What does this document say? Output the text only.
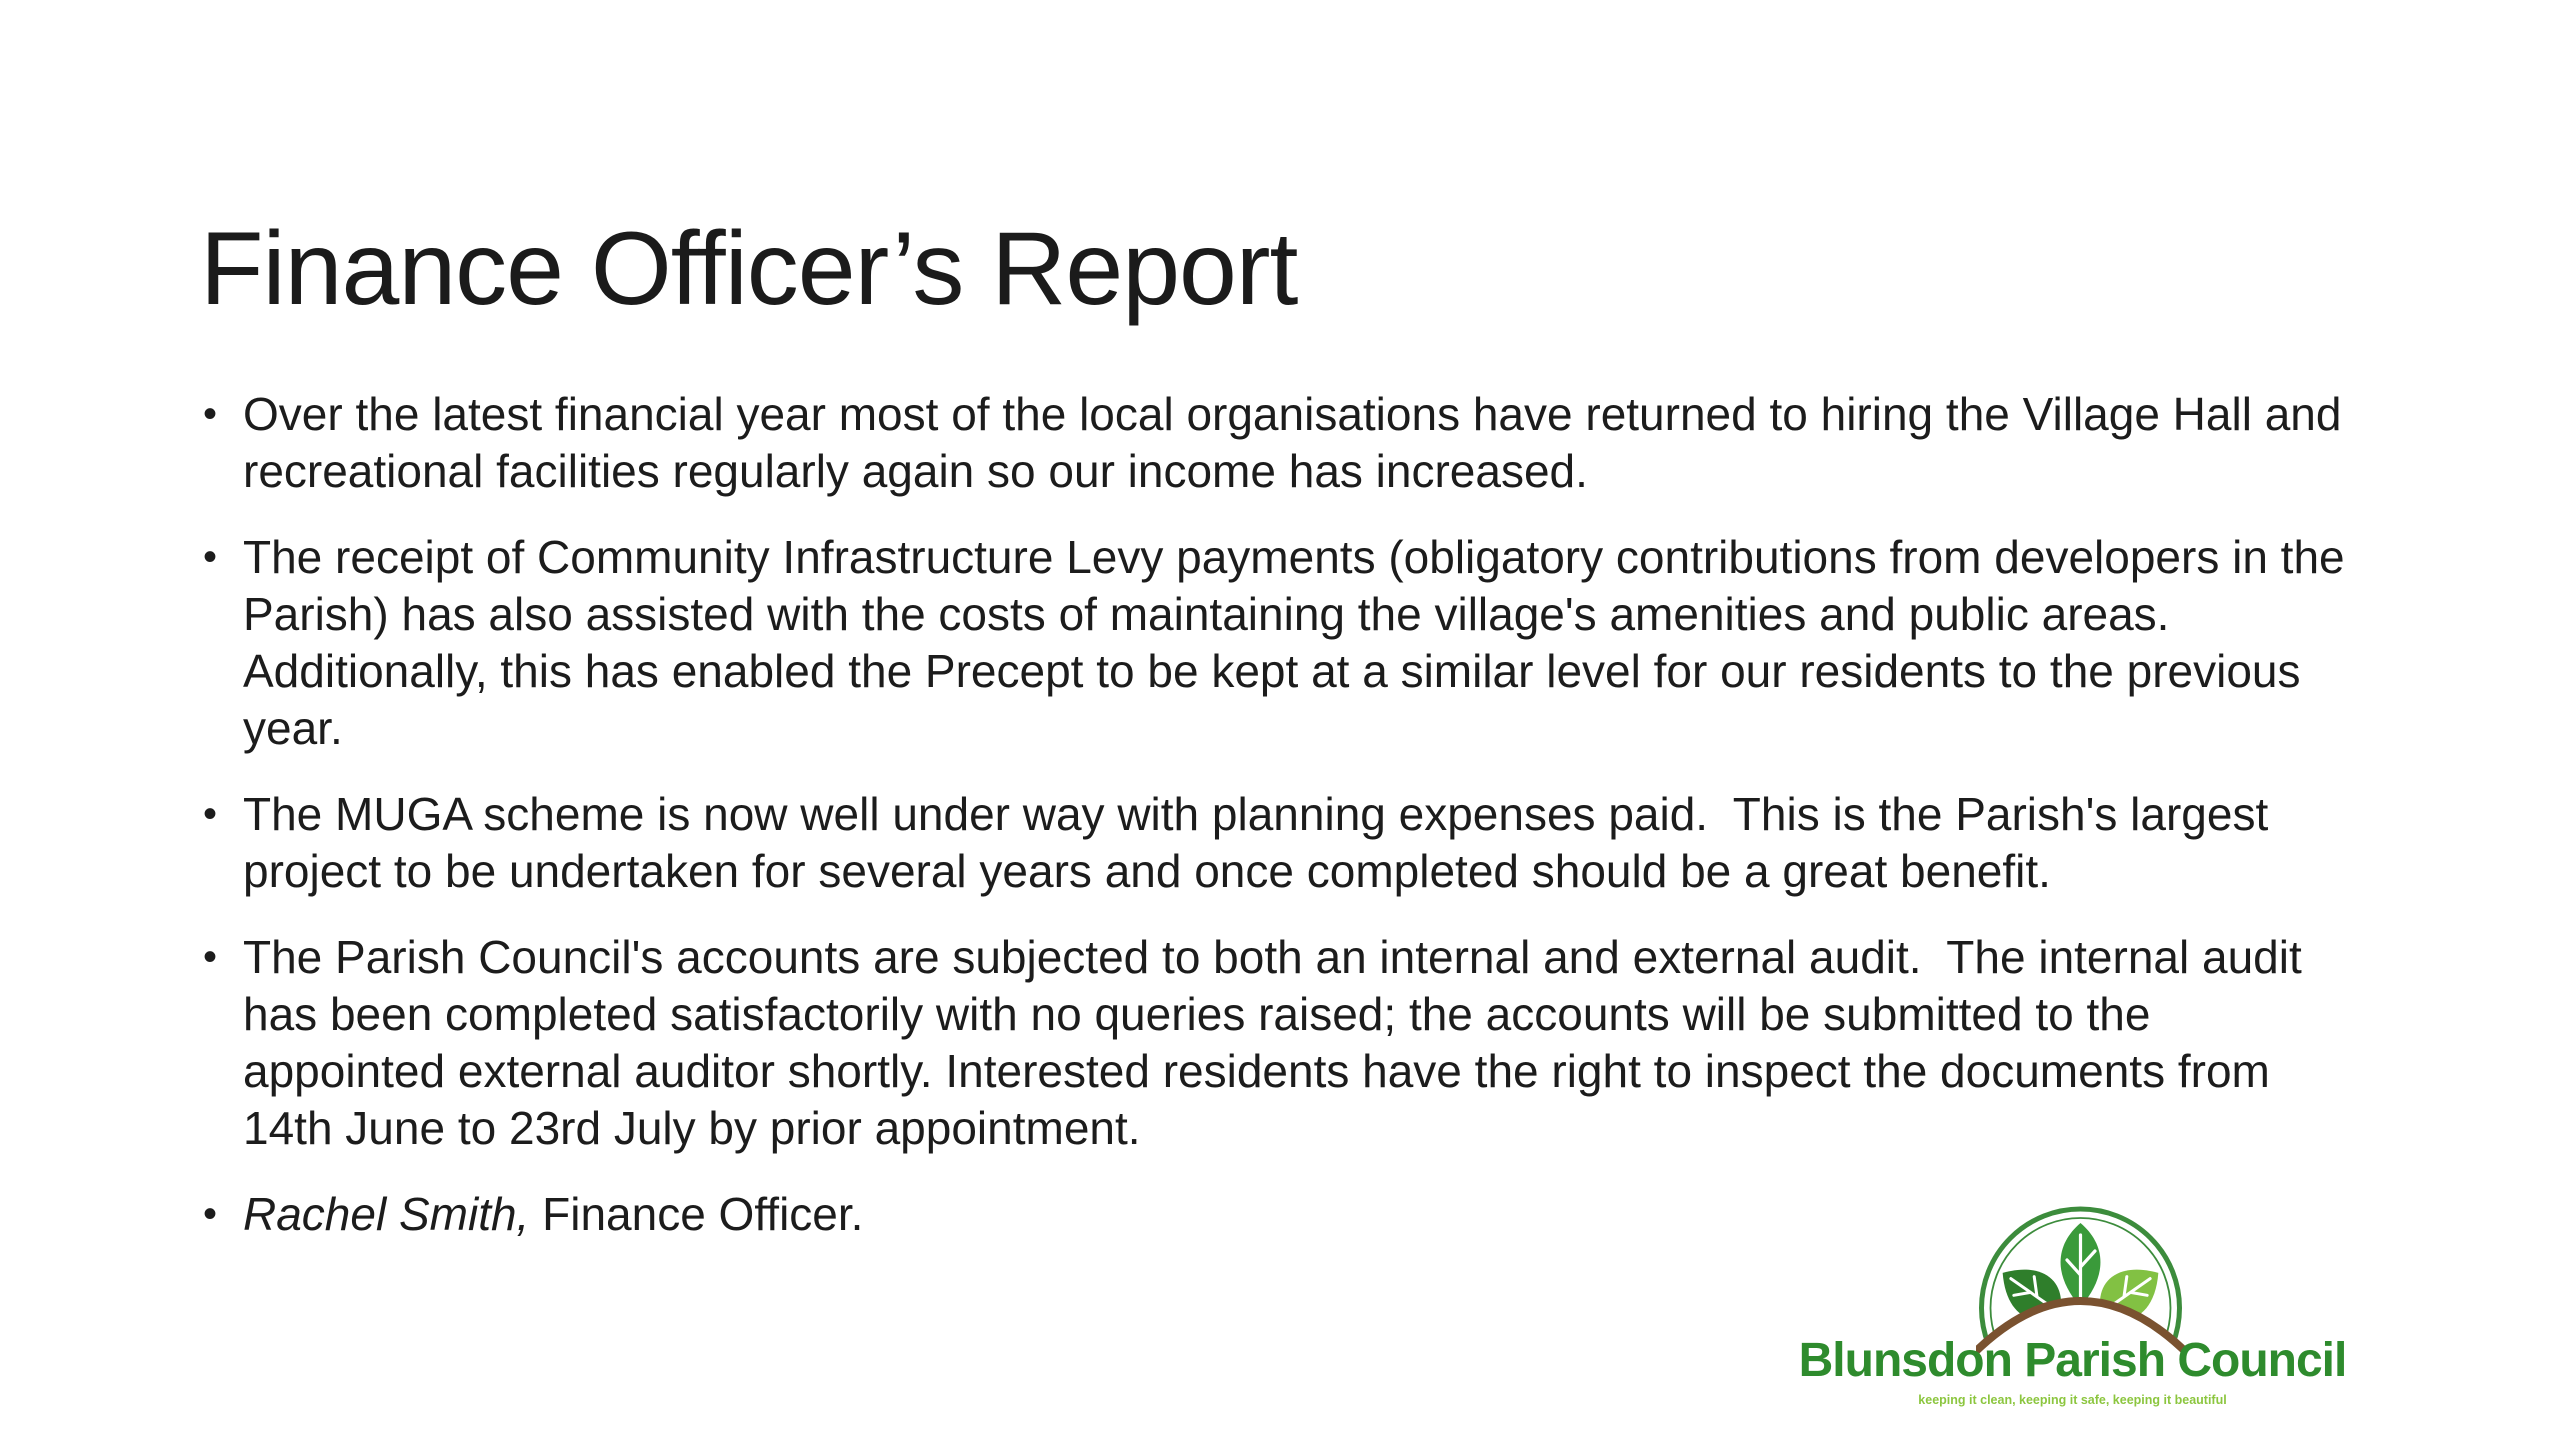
Finance Officer’s Report
• Over the latest financial year most of the local organisations have returned to hiring the Village Hall and recreational facilities regularly again so our income has increased.
• The receipt of Community Infrastructure Levy payments (obligatory contributions from developers in the Parish) has also assisted with the costs of maintaining the village's amenities and public areas. Additionally, this has enabled the Precept to be kept at a similar level for our residents to the previous year.
• The MUGA scheme is now well under way with planning expenses paid.  This is the Parish's largest project to be undertaken for several years and once completed should be a great benefit.
• The Parish Council's accounts are subjected to both an internal and external audit.  The internal audit has been completed satisfactorily with no queries raised; the accounts will be submitted to the appointed external auditor shortly. Interested residents have the right to inspect the documents from 14th June to 23rd July by prior appointment.
• Rachel Smith, Finance Officer.
Blunsdon Parish Council
keeping it clean, keeping it safe, keeping it beautiful
